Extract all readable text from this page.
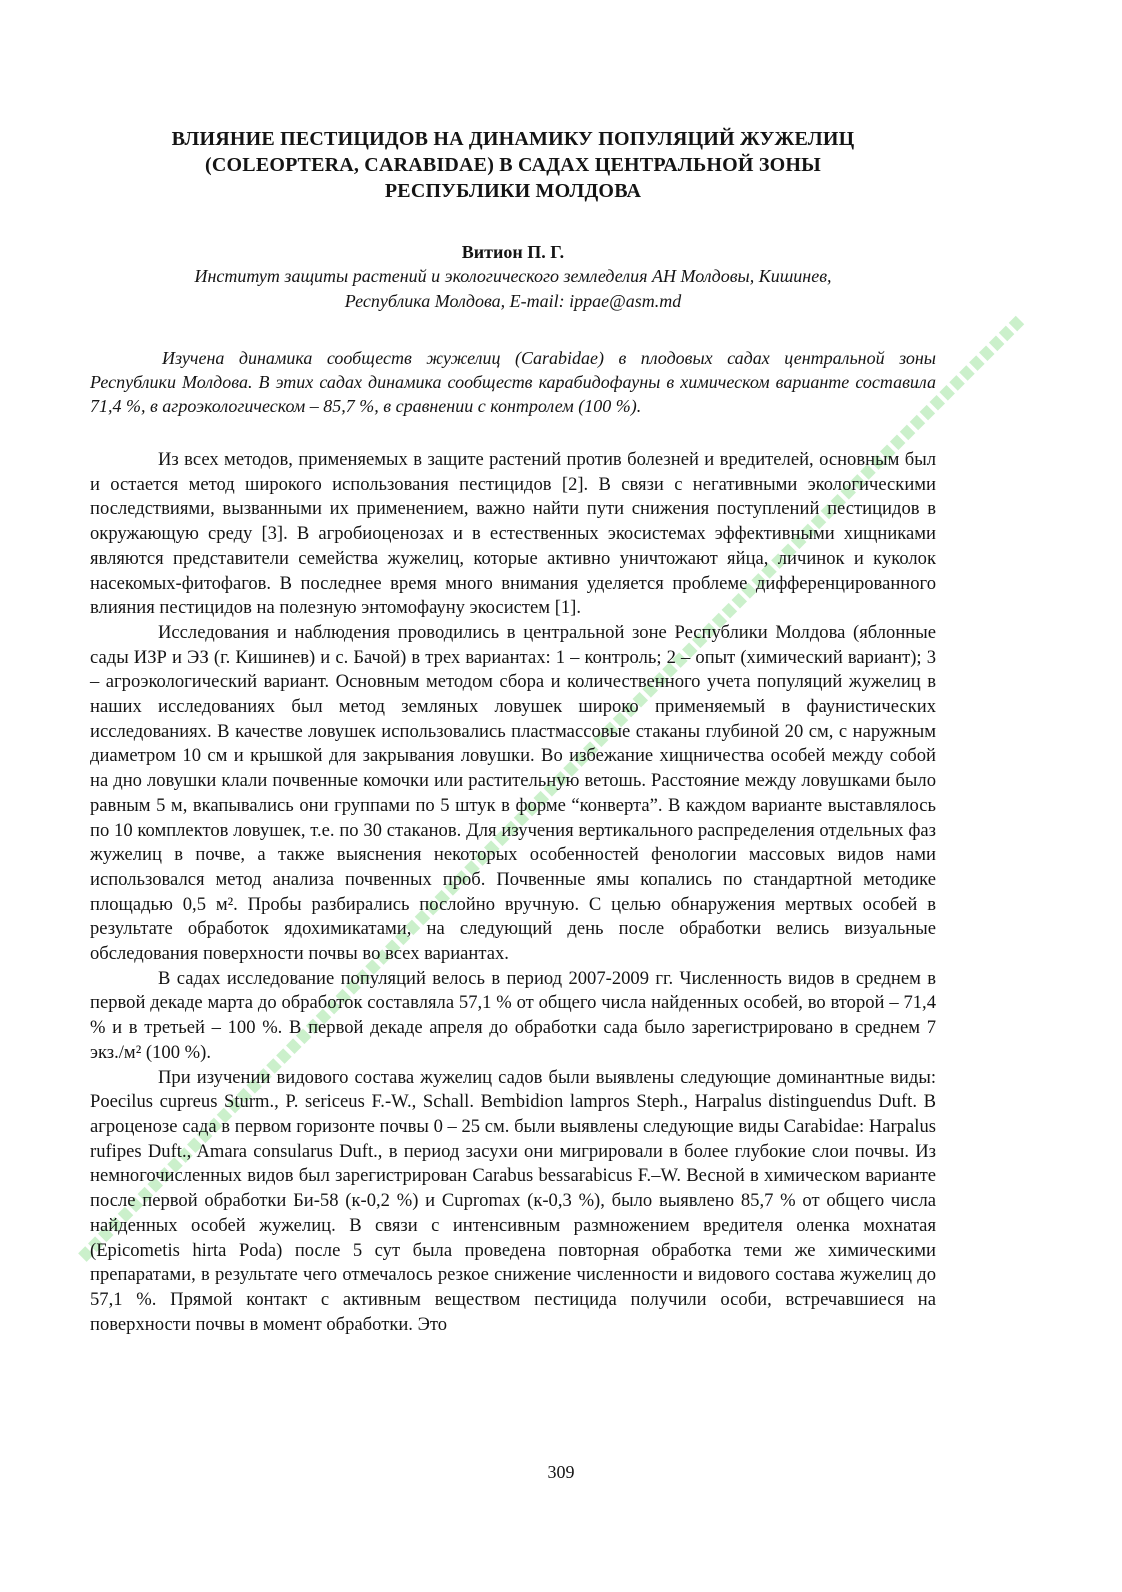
ВЛИЯНИЕ ПЕСТИЦИДОВ НА ДИНАМИКУ ПОПУЛЯЦИЙ ЖУЖЕЛИЦ
(COLEOPTERA, CARABIDAE) В САДАХ ЦЕНТРАЛЬНОЙ ЗОНЫ
РЕСПУБЛИКИ МОЛДОВА
Витион П. Г.
Институт защиты растений и экологического земледелия АН Молдовы, Кишинев,
Республика Молдова, E-mail: ippae@asm.md

Изучена динамика сообществ жужелиц (Carabidae) в плодовых садах центральной зоны Республики Молдова. В этих садах динамика сообществ карабидофауны в химическом варианте составила 71,4 %, в агроэкологическом – 85,7 %, в сравнении с контролем (100 %).

Из всех методов, применяемых в защите растений против болезней и вредителей, основным был и остается метод широкого использования пестицидов [2]. В связи с негативными экологическими последствиями, вызванными их применением, важно найти пути снижения поступлений пестицидов в окружающую среду [3]. В агробиоценозах и в естественных экосистемах эффективными хищниками являются представители семейства жужелиц, которые активно уничтожают яйца, личинок и куколок насекомых-фитофагов. В последнее время много внимания уделяется проблеме дифференцированного влияния пестицидов на полезную энтомофауну экосистем [1].

Исследования и наблюдения проводились в центральной зоне Республики Молдова (яблонные сады ИЗР и ЭЗ (г. Кишинев) и с. Бачой) в трех вариантах: 1 – контроль; 2 – опыт (химический вариант); 3 – агроэкологический вариант. Основным методом сбора и количественного учета популяций жужелиц в наших исследованиях был метод земляных ловушек широко применяемый в фаунистических исследованиях. В качестве ловушек использовались пластмассовые стаканы глубиной 20 см, с наружным диаметром 10 см и крышкой для закрывания ловушки. Во избежание хищничества особей между собой на дно ловушки клали почвенные комочки или растительную ветошь. Расстояние между ловушками было равным 5 м, вкапывались они группами по 5 штук в форме “конверта”. В каждом варианте выставлялось по 10 комплектов ловушек, т.е. по 30 стаканов. Для изучения вертикального распределения отдельных фаз жужелиц в почве, а также выяснения некоторых особенностей фенологии массовых видов нами использовался метод анализа почвенных проб. Почвенные ямы копались по стандартной методике площадью 0,5 м². Пробы разбирались послойно вручную. С целью обнаружения мертвых особей в результате обработок ядохимикатами, на следующий день после обработки велись визуальные обследования поверхности почвы во всех вариантах.

В садах исследование популяций велось в период 2007-2009 гг. Численность видов в среднем в первой декаде марта до обработок составляла 57,1 % от общего числа найденных особей, во второй – 71,4 % и в третьей – 100 %. В первой декаде апреля до обработки сада было зарегистрировано в среднем 7 экз./м² (100 %).

При изучении видового состава жужелиц садов были выявлены следующие доминантные виды: Poecilus cupreus Sturm., P. sericeus F.-W., Schall. Bembidion lampros Steph., Harpalus distinguendus Duft. В агроценозе сада в первом горизонте почвы 0 – 25 см. были выявлены следующие виды Carabidae: Harpalus rufipes Duft., Amara consularus Duft., в период засухи они мигрировали в более глубокие слои почвы. Из немногочисленных видов был зарегистрирован Carabus bessarabicus F.–W. Весной в химическом варианте после первой обработки Би-58 (к-0,2 %) и Cupromax (к-0,3 %), было выявлено 85,7 % от общего числа найденных особей жужелиц. В связи с интенсивным размножением вредителя оленка мохнатая (Epicometis hirta Poda) после 5 сут была проведена повторная обработка теми же химическими препаратами, в результате чего отмечалось резкое снижение численности и видового состава жужелиц до 57,1 %. Прямой контакт с активным веществом пестицида получили особи, встречавшиеся на поверхности почвы в момент обработки. Это

309
